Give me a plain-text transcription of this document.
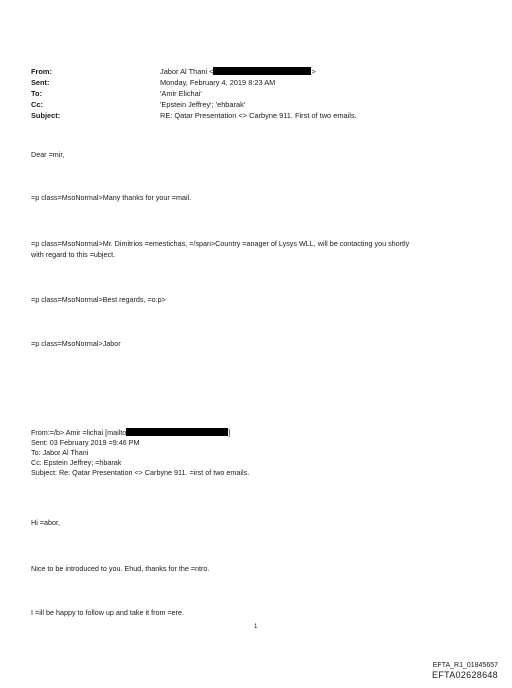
From:	Jabor Al Thani <	>
Sent:	Monday, February 4, 2019 8:23 AM
To:	'Amir Elichai'
Cc:	'Epstein Jeffrey'; 'ehbarak'
Subject:	RE: Qatar Presentation <> Carbyne 911. First of two emails.
Dear =mir,
=p class=MsoNormal>Many thanks for your =mail.
=p class=MsoNormal>Mr. Dimitrios =emestichas, =/span>Country =anager of Lysys WLL, will be contacting you shortly
with regard to this =ubject.
=p class=MsoNormal>Best regards, =o:p>
=p class=MsoNormal>Jabor
From:=/b> Amir =lichai [mailto	]
Sent: 03 February 2019 =9:46 PM
To: Jabor Al Thani
Cc: Epstein Jeffrey; =hbarak
Subject: Re: Qatar Presentation <> Carbyne 911. =irst of two emails.
Hi =abor,
Nice to be introduced to you. Ehud, thanks for the =ntro.
I =ill be happy to follow up and take it from =ere.
1
EFTA_R1_01845657
EFTA02628648
